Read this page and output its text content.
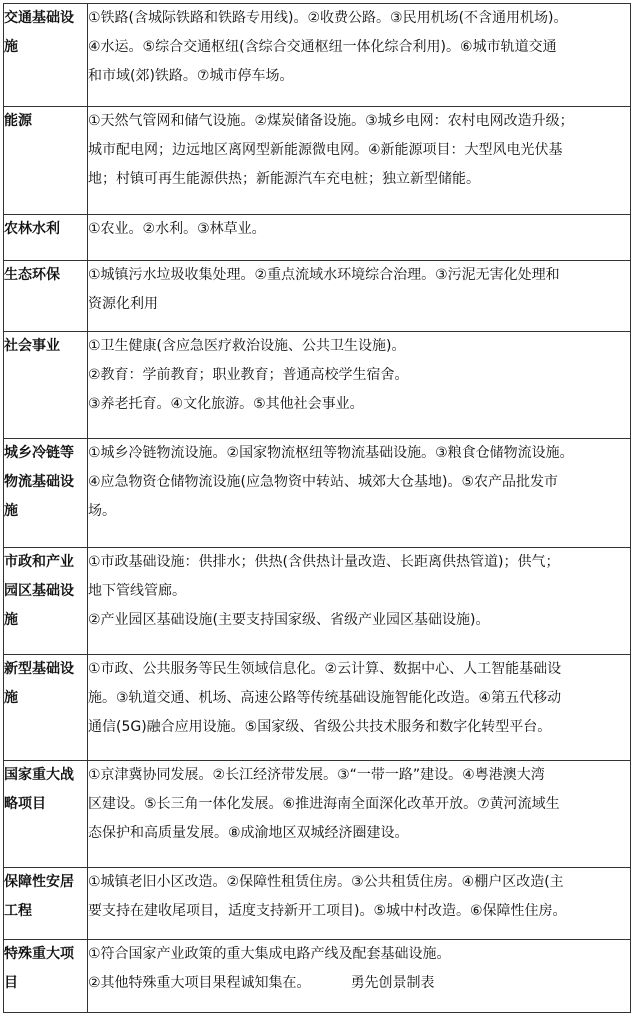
交通基础设施	①铁路(含城际铁路和铁路专用线)。②收费公路。③民用机场(不含通用机场)。
④水运。⑤综合交通枢纽(含综合交通枢纽一体化综合利用)。⑥城市轨道交通
和市域(郊)铁路。⑦城市停车场。

能源	①天然气管网和储气设施。②煤炭储备设施。③城乡电网：农村电网改造升级；
城市配电网；边远地区离网型新能源微电网。④新能源项目：大型风电光伏基
地；村镇可再生能源供热；新能源汽车充电桩；独立新型储能。

农林水利	①农业。②水利。③林草业。

生态环保	①城镇污水垃圾收集处理。②重点流域水环境综合治理。③污泥无害化处理和
资源化利用

社会事业	①卫生健康(含应急医疗救治设施、公共卫生设施)。
②教育：学前教育；职业教育；普通高校学生宿舍。
③养老托育。④文化旅游。⑤其他社会事业。

城乡冷链等物流基础设施	①城乡冷链物流设施。②国家物流枢纽等物流基础设施。③粮食仓储物流设施。
④应急物资仓储物流设施(应急物资中转站、城郊大仓基地)。⑤农产品批发市
场。

市政和产业园区基础设施	①市政基础设施：供排水；供热(含供热计量改造、长距离供热管道)；供气；
地下管线管廊。
②产业园区基础设施(主要支持国家级、省级产业园区基础设施)。

新型基础设施	①市政、公共服务等民生领域信息化。②云计算、数据中心、人工智能基础设
施。③轨道交通、机场、高速公路等传统基础设施智能化改造。④第五代移动
通信(5G)融合应用设施。⑤国家级、省级公共技术服务和数字化转型平台。

国家重大战略项目	①京津冀协同发展。②长江经济带发展。③“一带一路”建设。④粤港澳大湾
区建设。⑤长三角一体化发展。⑥推进海南全面深化改革开放。⑦黄河流域生
态保护和高质量发展。⑧成渝地区双城经济圈建设。

保障性安居工程	①城镇老旧小区改造。②保障性租赁住房。③公共租赁住房。④棚户区改造(主
要支持在建收尾项目，适度支持新开工项目)。⑤城中村改造。⑥保障性住房。

特殊重大项目	①符合国家产业政策的重大集成电路产线及配套基础设施。
②其他特殊重大项目果程诚知集在。 勇先创景制表
